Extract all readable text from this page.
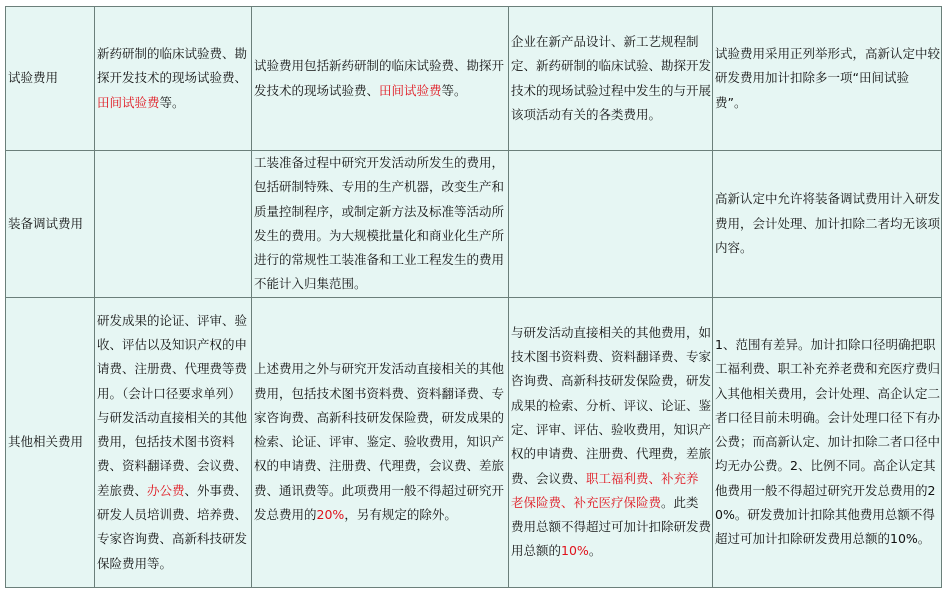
试验费用	新药研制的临床试验费、勘探开发技术的现场试验费、田间试验费等。	试验费用包括新药研制的临床试验费、勘探开发技术的现场试验费、田间试验费等。	企业在新产品设计、新工艺规程制定、新药研制的临床试验、勘探开发技术的现场试验过程中发生的与开展该项活动有关的各类费用。	试验费用采用正列举形式，高新认定中较研发费用加计扣除多一项“田间试验费”。
装备调试费用		工装准备过程中研究开发活动所发生的费用，包括研制特殊、专用的生产机器，改变生产和质量控制程序，或制定新方法及标准等活动所发生的费用。为大规模批量化和商业化生产所进行的常规性工装准备和工业工程发生的费用不能计入归集范围。		高新认定中允许将装备调试费用计入研发费用，会计处理、加计扣除二者均无该项内容。
其他相关费用	研发成果的论证、评审、验收、评估以及知识产权的申请费、注册费、代理费等费用。（会计口径要求单列）与研发活动直接相关的其他费用，包括技术图书资料费、资料翻译费、会议费、差旅费、办公费、外事费、研发人员培训费、培养费、专家咨询费、高新科技研发保险费用等。	上述费用之外与研究开发活动直接相关的其他费用，包括技术图书资料费、资料翻译费、专家咨询费、高新科技研发保险费，研发成果的检索、论证、评审、鉴定、验收费用，知识产权的申请费、注册费、代理费，会议费、差旅费、通讯费等。此项费用一般不得超过研究开发总费用的20%，另有规定的除外。	与研发活动直接相关的其他费用，如技术图书资料费、资料翻译费、专家咨询费、高新科技研发保险费，研发成果的检索、分析、评议、论证、鉴定、评审、评估、验收费用，知识产权的申请费、注册费、代理费，差旅费、会议费、职工福利费、补充养老保险费、补充医疗保险费。此类费用总额不得超过可加计扣除研发费用总额的10%。	1、范围有差异。加计扣除口径明确把职工福利费、职工补充养老费和充医疗费归入其他相关费用，会计处理、高企认定二者口径目前未明确。会计处理口径下有办公费；而高新认定、加计扣除二者口径中均无办公费。2、比例不同。高企认定其他费用一般不得超过研究开发总费用的20%。研发费加计扣除其他费用总额不得超过可加计扣除研发费用总额的10%。
